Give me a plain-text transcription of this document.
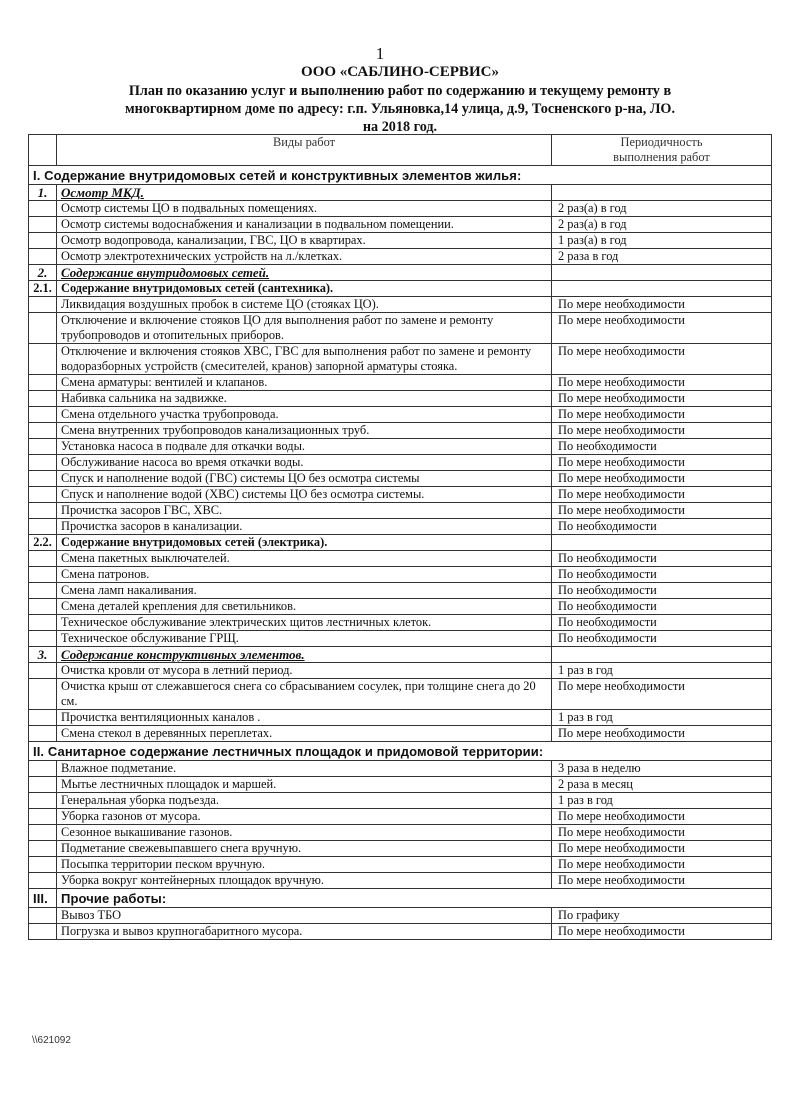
1
ООО «САБЛИНО-СЕРВИС»
План по оказанию услуг и выполнению работ по содержанию и текущему ремонту в
многоквартирном доме по адресу: г.п. Ульяновка,14 улица, д.9, Тосненского р-на, ЛО.
на 2018 год.
	Виды работ	Периодичность
выполнения работ

I. Содержание внутридомовых сетей и конструктивных элементов жилья:		
1.	Осмотр МКД.	
	Осмотр системы ЦО в подвальных помещениях.	2 раз(а) в год
	Осмотр системы водоснабжения и канализации в подвальном помещении.	2 раз(а) в год
	Осмотр водопровода, канализации, ГВС, ЦО в квартирах.	1 раз(а) в год
	Осмотр электротехнических устройств на л./клетках.	2 раза в год
2.	Содержание внутридомовых сетей.	
2.1.	Содержание внутридомовых сетей (сантехника).	
	Ликвидация воздушных пробок в системе ЦО (стояках ЦО).	По мере необходимости
	Отключение и включение стояков ЦО для выполнения работ по замене и ремонту трубопроводов и отопительных приборов.	По мере необходимости
	Отключение и включения стояков ХВС, ГВС для выполнения работ по замене и ремонту водоразборных устройств (смесителей, кранов) запорной арматуры стояка.	По мере необходимости
	Смена арматуры: вентилей и клапанов.	По мере необходимости
	Набивка сальника на задвижке.	По мере необходимости
	Смена отдельного участка трубопровода.	По мере необходимости
	Смена внутренних трубопроводов канализационных труб.	По мере необходимости
	Установка насоса в подвале для откачки воды.	По необходимости
	Обслуживание насоса во время откачки воды.	По мере необходимости
	Спуск и наполнение водой (ГВС) системы ЦО без осмотра системы	По мере необходимости
	Спуск и наполнение водой (ХВС) системы ЦО без осмотра системы.	По мере необходимости
	Прочистка засоров ГВС, ХВС.	По мере необходимости
	Прочистка засоров в канализации.	По необходимости
2.2.	Содержание внутридомовых сетей (электрика).	
	Смена пакетных выключателей.	По необходимости
	Смена патронов.	По необходимости
	Смена ламп накаливания.	По необходимости
	Смена деталей крепления для светильников.	По необходимости
	Техническое обслуживание электрических щитов лестничных клеток.	По необходимости
	Техническое обслуживание ГРЩ.	По необходимости
3.	Содержание конструктивных элементов.	
	Очистка кровли от мусора в летний период.	1 раз в год
	Очистка крыш от слежавшегося снега со сбрасыванием сосулек, при толщине снега до 20 см.	По мере необходимости
	Прочистка вентиляционных каналов .	1 раз в год
	Смена стекол в деревянных переплетах.	По мере необходимости
II. Санитарное содержание лестничных площадок и придомовой территории:		
	Влажное подметание.	3 раза в неделю
	Мытье лестничных площадок и маршей.	2 раза в месяц
	Генеральная уборка подъезда.	1 раз в год
	Уборка газонов от мусора.	По мере необходимости
	Сезонное выкашивание газонов.	По мере необходимости
	Подметание свежевыпавшего снега вручную.	По мере необходимости
	Посыпка территории песком вручную.	По мере необходимости
	Уборка вокруг контейнерных площадок вручную.	По мере необходимости
III.	Прочие работы:	
	Вывоз ТБО	По графику
	Погрузка и вывоз крупногабаритного мусора.	По мере необходимости
\\621092
